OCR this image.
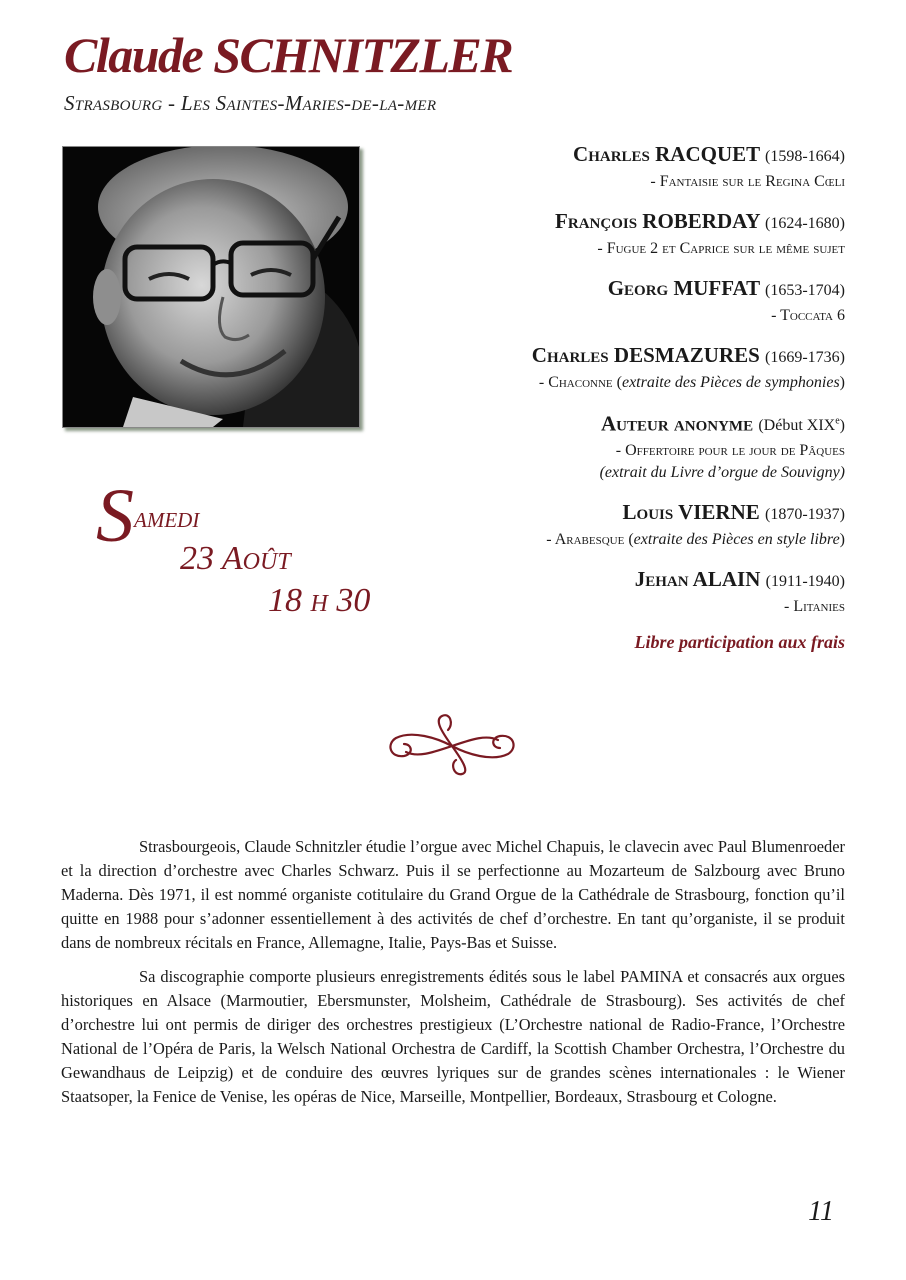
Claude SCHNITZLER
Strasbourg - Les Saintes-Maries-de-la-mer
Samedi
23 Août
18 h 30
Charles RACQUET (1598-1664)
- Fantaisie sur le Regina Cœli
François ROBERDAY (1624-1680)
- Fugue 2 et Caprice sur le même sujet
Georg MUFFAT (1653-1704)
- Toccata 6
Charles DESMAZURES (1669-1736)
- Chaconne (extraite des Pièces de symphonies)
Auteur anonyme (Début XIXe)
- Offertoire pour le jour de Pâques
(extrait du Livre d’orgue de Souvigny)
Louis VIERNE (1870-1937)
- Arabesque (extraite des Pièces en style libre)
Jehan ALAIN (1911-1940)
- Litanies
Libre participation aux frais

Strasbourgeois, Claude Schnitzler étudie l’orgue avec Michel Chapuis, le clavecin avec Paul Blumenroeder et la direction d’orchestre avec Charles Schwarz. Puis il se perfectionne au Mozarteum de Salzbourg avec Bruno Maderna. Dès 1971, il est nommé organiste cotitulaire du Grand Orgue de la Cathédrale de Strasbourg, fonction qu’il quitte en 1988 pour s’adonner essentiellement à des activités de chef d’orchestre. En tant qu’organiste, il se produit dans de nombreux récitals en France, Allemagne, Italie, Pays-Bas et Suisse.

Sa discographie comporte plusieurs enregistrements édités sous le label PAMINA et consacrés aux orgues historiques en Alsace (Marmoutier, Ebersmunster, Molsheim, Cathédrale de Strasbourg). Ses activités de chef d’orchestre lui ont permis de diriger des orchestres prestigieux (L’Orchestre national de Radio-France, l’Orchestre National de l’Opéra de Paris, la Welsch National Orchestra de Cardiff, la Scottish Chamber Orchestra, l’Orchestre du Gewandhaus de Leipzig) et de conduire des œuvres lyriques sur de grandes scènes internationales : le Wiener Staatsoper, la Fenice de Venise, les opéras de Nice, Marseille, Montpellier, Bordeaux, Strasbourg et Cologne.

11
